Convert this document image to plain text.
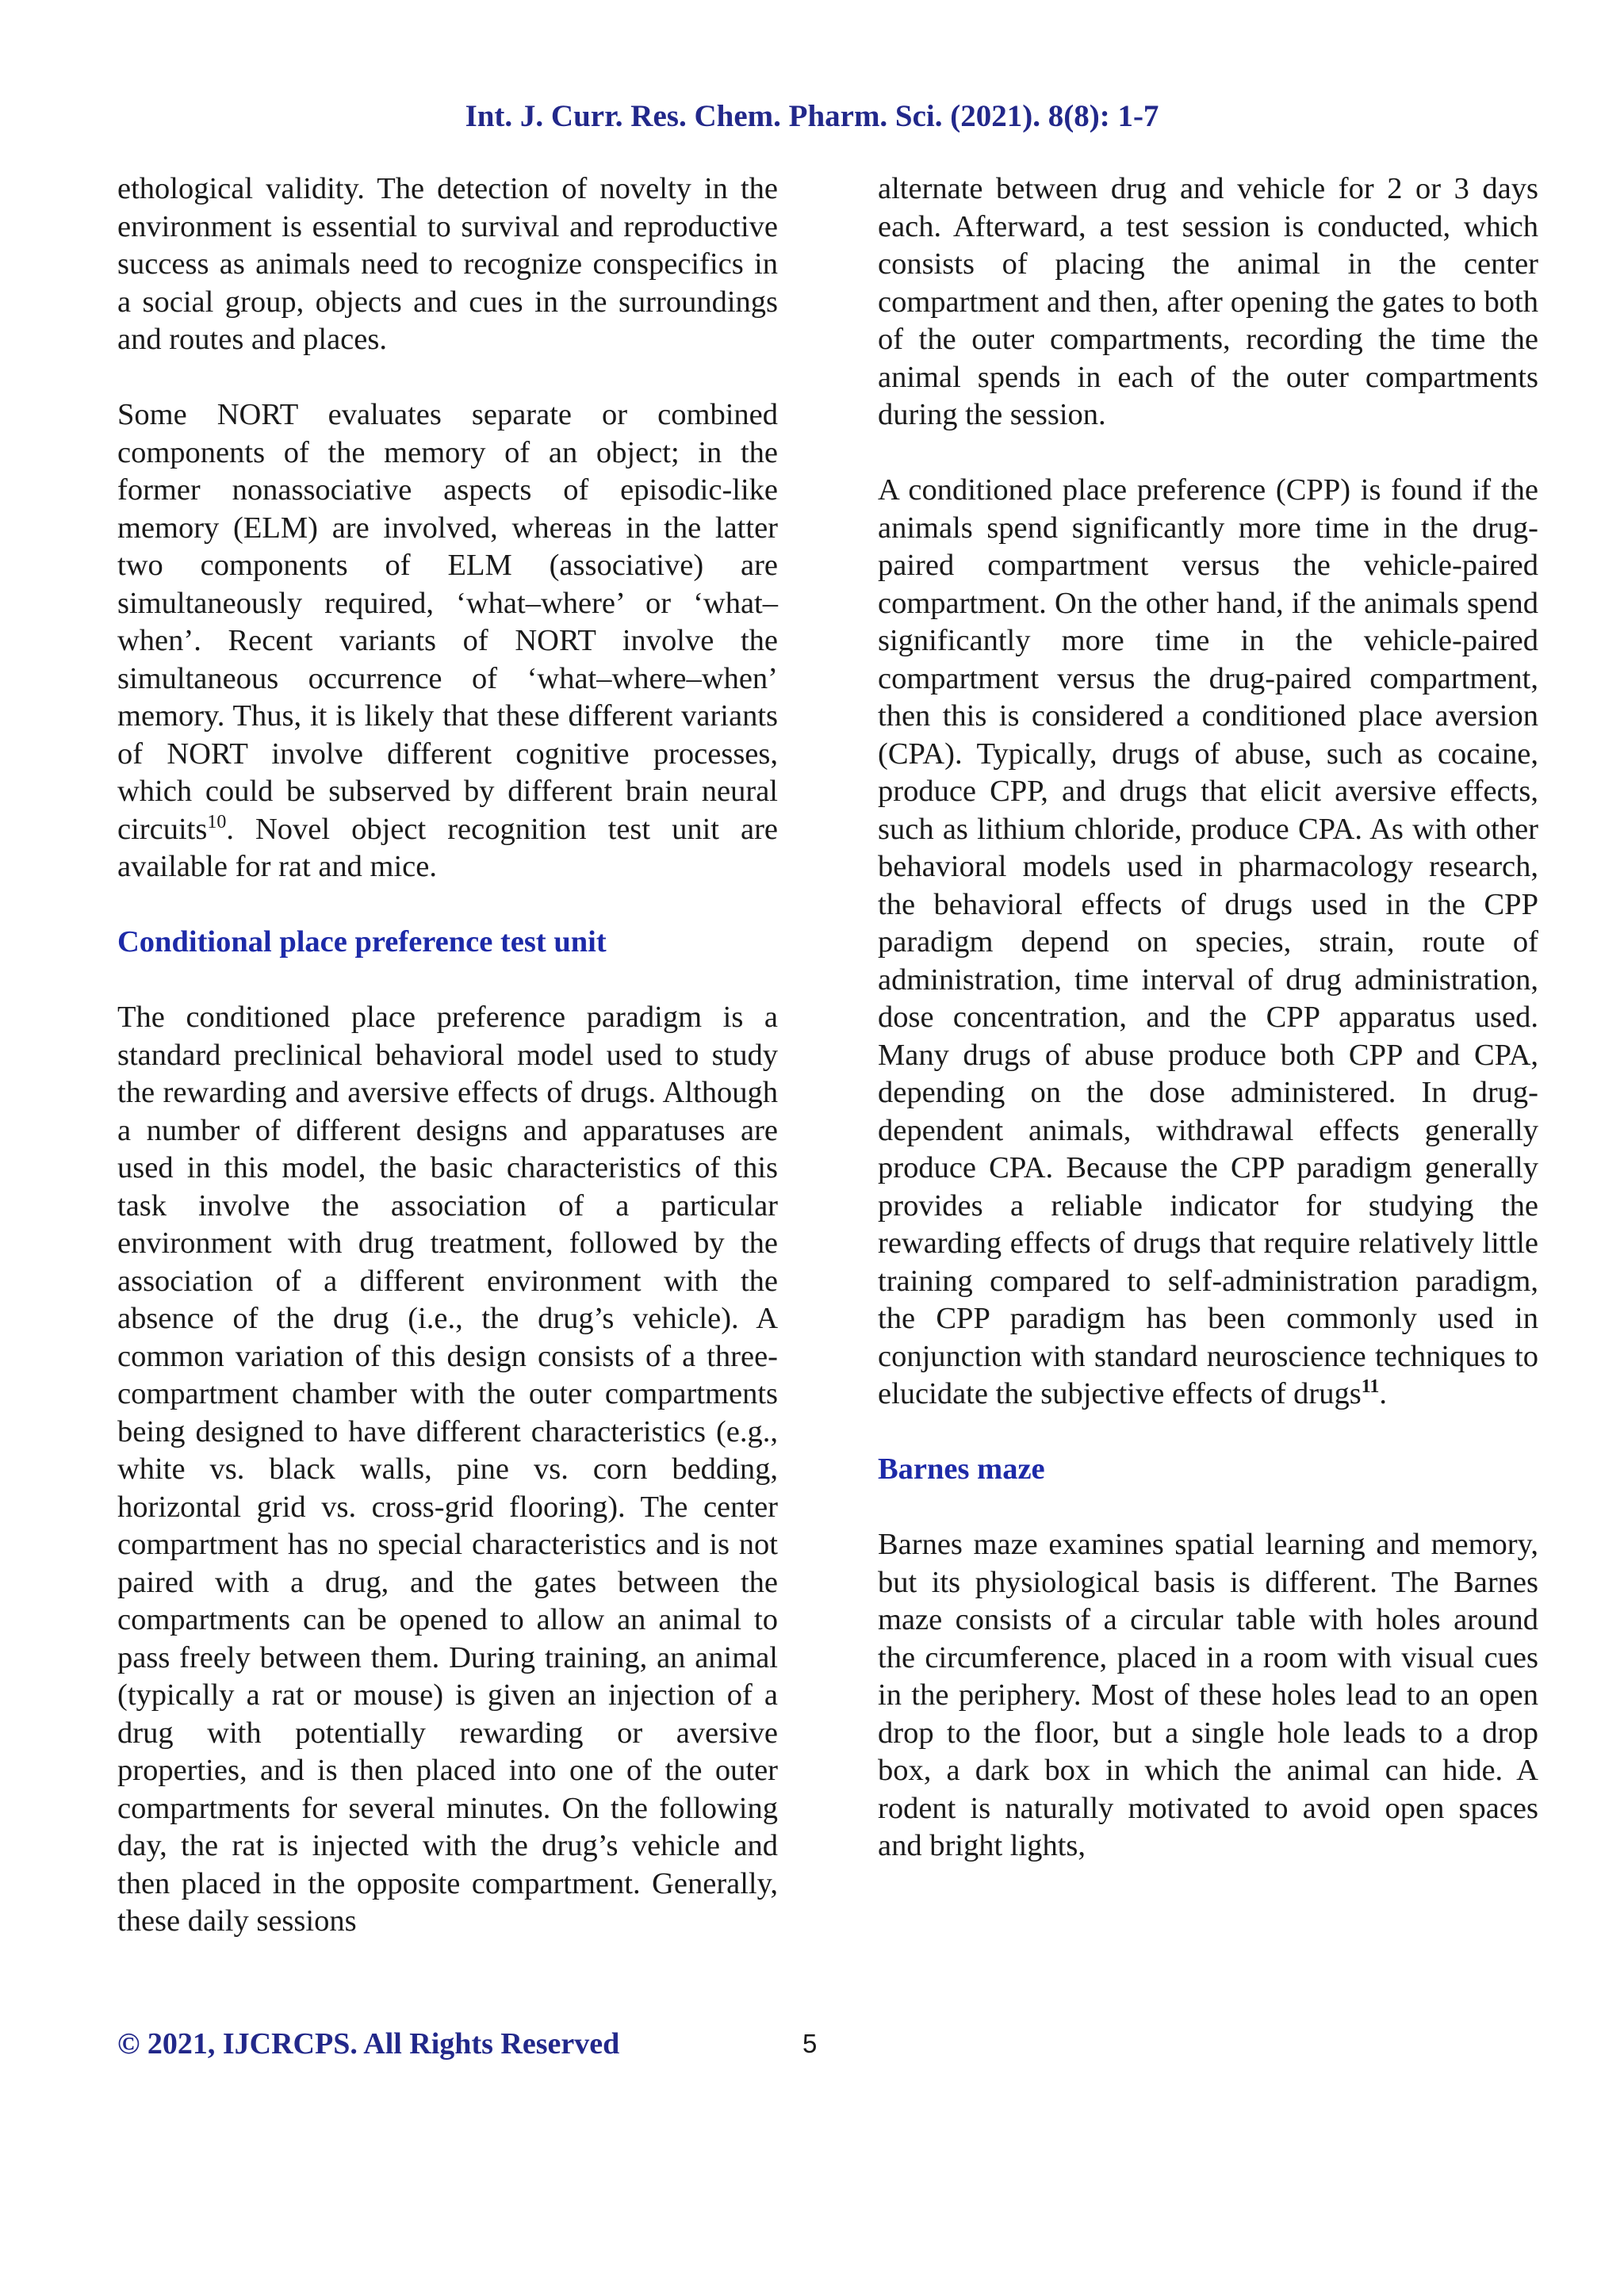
Int. J. Curr. Res. Chem. Pharm. Sci. (2021). 8(8): 1-7

ethological validity. The detection of novelty in the environment is essential to survival and reproductive success as animals need to recognize conspecifics in a social group, objects and cues in the surroundings and routes and places.

Some NORT evaluates separate or combined components of the memory of an object; in the former nonassociative aspects of episodic-like memory (ELM) are involved, whereas in the latter two components of ELM (associative) are simultaneously required, ‘what–where’ or ‘what–when’. Recent variants of NORT involve the simultaneous occurrence of ‘what–where–when’ memory. Thus, it is likely that these different variants of NORT involve different cognitive processes, which could be subserved by different brain neural circuits$^{10}$. Novel object recognition test unit are available for rat and mice.

Conditional place preference test unit

The conditioned place preference paradigm is a standard preclinical behavioral model used to study the rewarding and aversive effects of drugs. Although a number of different designs and apparatuses are used in this model, the basic characteristics of this task involve the association of a particular environment with drug treatment, followed by the association of a different environment with the absence of the drug (i.e., the drug’s vehicle). A common variation of this design consists of a three-compartment chamber with the outer compartments being designed to have different characteristics (e.g., white vs. black walls, pine vs. corn bedding, horizontal grid vs. cross-grid flooring). The center compartment has no special characteristics and is not paired with a drug, and the gates between the compartments can be opened to allow an animal to pass freely between them. During training, an animal (typically a rat or mouse) is given an injection of a drug with potentially rewarding or aversive properties, and is then placed into one of the outer compartments for several minutes. On the following day, the rat is injected with the drug’s vehicle and then placed in the opposite compartment. Generally, these daily sessions

alternate between drug and vehicle for 2 or 3 days each. Afterward, a test session is conducted, which consists of placing the animal in the center compartment and then, after opening the gates to both of the outer compartments, recording the time the animal spends in each of the outer compartments during the session.

A conditioned place preference (CPP) is found if the animals spend significantly more time in the drug-paired compartment versus the vehicle-paired compartment. On the other hand, if the animals spend significantly more time in the vehicle-paired compartment versus the drug-paired compartment, then this is considered a conditioned place aversion (CPA). Typically, drugs of abuse, such as cocaine, produce CPP, and drugs that elicit aversive effects, such as lithium chloride, produce CPA. As with other behavioral models used in pharmacology research, the behavioral effects of drugs used in the CPP paradigm depend on species, strain, route of administration, time interval of drug administration, dose concentration, and the CPP apparatus used. Many drugs of abuse produce both CPP and CPA, depending on the dose administered. In drug-dependent animals, withdrawal effects generally produce CPA. Because the CPP paradigm generally provides a reliable indicator for studying the rewarding effects of drugs that require relatively little training compared to self-administration paradigm, the CPP paradigm has been commonly used in conjunction with standard neuroscience techniques to elucidate the subjective effects of drugs$^{11}$.

Barnes maze

Barnes maze examines spatial learning and memory, but its physiological basis is different. The Barnes maze consists of a circular table with holes around the circumference, placed in a room with visual cues in the periphery. Most of these holes lead to an open drop to the floor, but a single hole leads to a drop box, a dark box in which the animal can hide. A rodent is naturally motivated to avoid open spaces and bright lights,

© 2021, IJCRCPS. All Rights Reserved	5
